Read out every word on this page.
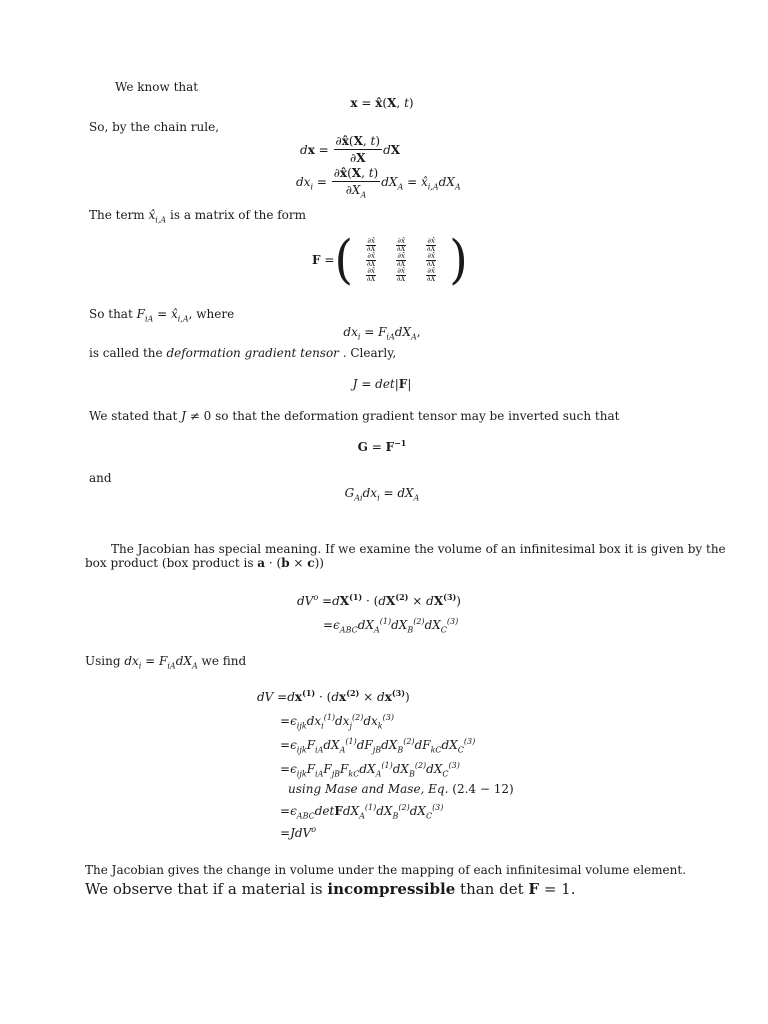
We know that
x = x̂(X, t)
So, by the chain rule,
dx = $\frac{\partial x̂(X, t)}{\partial X}$ dX
$dx_i = \frac{\partial x̂(X, t)}{\partial X_A} dX_A$ = $x̂_{i,A}dX_A$
The term $x̂_{i,A}$ is a matrix of the form
F = ( ∂x̂
∂X
∂x̂
∂X
∂x̂
∂X
∂x̂
∂X
∂x̂
∂X
∂x̂
∂X
∂x̂
∂X
∂x̂
∂X
∂x̂
∂X )
So that $F_{iA}$ = $x̂_{i,A}$, where
$dx_i = F_{iA}dX_A$,
is called the deformation gradient tensor . Clearly,
J = det|F|
We stated that J ≠ 0 so that the deformation gradient tensor may be inverted such that
$G = F^{-1}$
and
$G_{Ai}dx_i = dX_A$
The Jacobian has special meaning. If we examine the volume of an infinitesimal box it is given by the
box product (box product is a · (b × c))
$dV^o =dX^{(1)} \cdot (dX^{(2)} \times dX^{(3)})$
$=\epsilon_{ABC}dX_A^{(1)}dX_B^{(2)}dX_C^{(3)}$
Using $dx_i = F_{iA}dX_A$ we find
dV $=dx^{(1)} \cdot (dx^{(2)} \times dx^{(3)})$
$=\epsilon_{ijk}dx_i^{(1)}dx_j^{(2)}dx_k^{(3)}$
$=\epsilon_{ijk}F_{iA}dX_A^{(1)}dF_{jB}dX_B^{(2)}dF_{kC}dX_C^{(3)}$
$=\epsilon_{ijk}F_{iA}F_{jB}F_{kC}dX_A^{(1)}dX_B^{(2)}dX_C^{(3)}$
using Mase and Mase, Eq. (2.4 − 12)
$=\epsilon_{ABC}detFdX_A^{(1)}dX_B^{(2)}dX_C^{(3)}$
=JdV$^o$
The Jacobian gives the change in volume under the mapping of each infinitesimal volume element.
We observe that if a material is incompressible than det F = 1.
